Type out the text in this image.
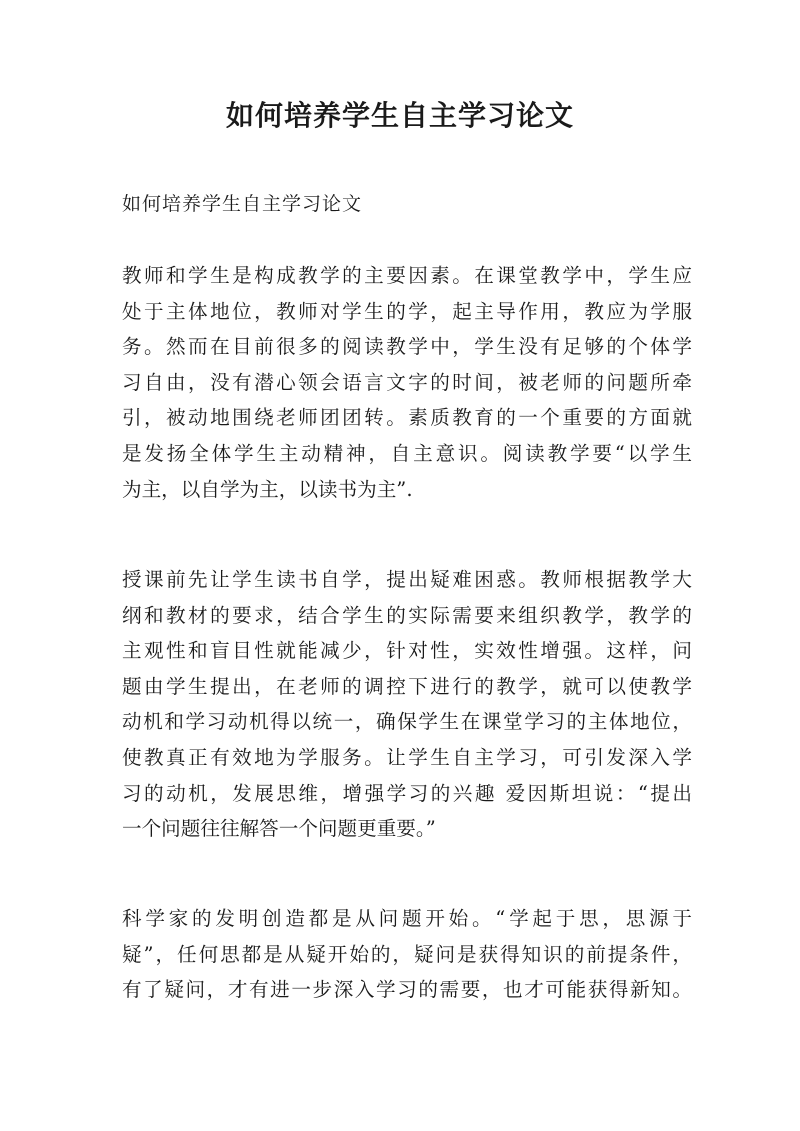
如何培养学生自主学习论文
如何培养学生自主学习论文
教师和学生是构成教学的主要因素。在课堂教学中，学生应
处于主体地位，教师对学生的学，起主导作用，教应为学服
务。然而在目前很多的阅读教学中，学生没有足够的个体学
习自由，没有潜心领会语言文字的时间，被老师的问题所牵
引，被动地围绕老师团团转。素质教育的一个重要的方面就
是发扬全体学生主动精神，自主意识。阅读教学要“以学生
为主，以自学为主，以读书为主”.
授课前先让学生读书自学，提出疑难困惑。教师根据教学大
纲和教材的要求，结合学生的实际需要来组织教学，教学的
主观性和盲目性就能减少，针对性，实效性增强。这样，问
题由学生提出，在老师的调控下进行的教学，就可以使教学
动机和学习动机得以统一，确保学生在课堂学习的主体地位，
使教真正有效地为学服务。让学生自主学习，可引发深入学
习的动机，发展思维，增强学习的兴趣 爱因斯坦说：“提出
一个问题往往解答一个问题更重要。”
科学家的发明创造都是从问题开始。“学起于思，思源于
疑”，任何思都是从疑开始的，疑问是获得知识的前提条件，
有了疑问，才有进一步深入学习的需要，也才可能获得新知。
